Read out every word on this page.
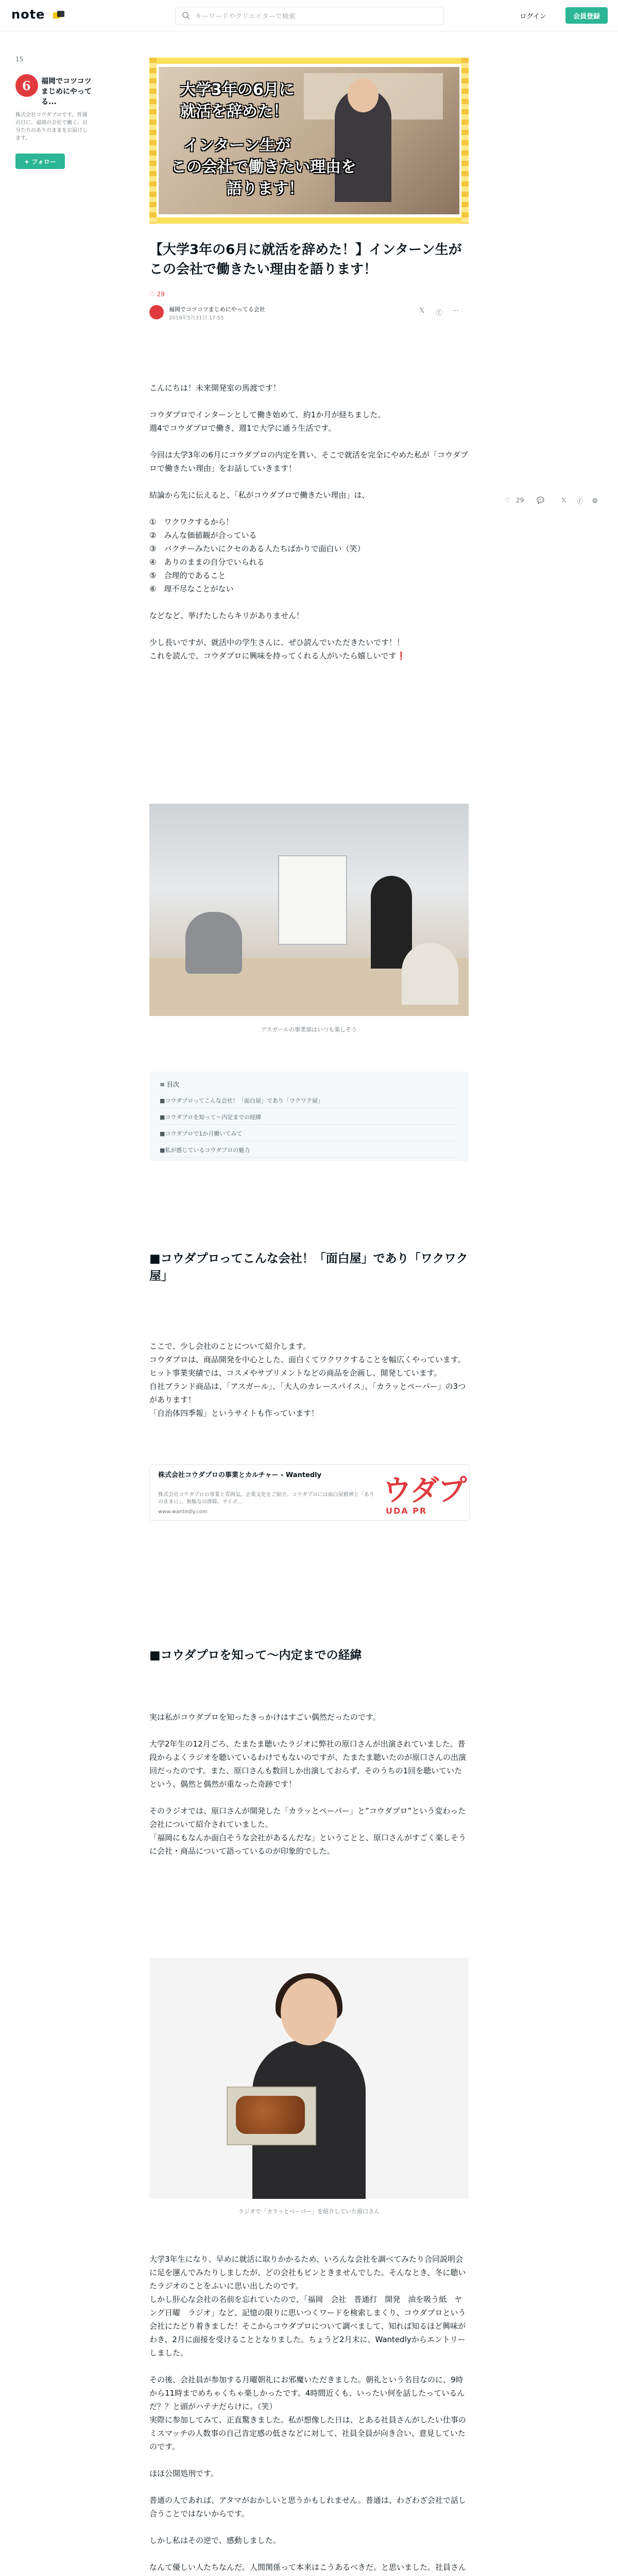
note
キーワードやクリエイターで検索	ログイン	会員登録
15
6 福岡でコツコツまじめにやってる...
株式会社コウダプロです。普通の日に、福岡の会社で働く、自分たちのありのままをお届けします。
+ フォロー
♡ 29 💬	𝕏 ⓕ ◍
大学3年の6月に
就活を辞めた！
インターン生が
この会社で働きたい理由を
語ります！
【大学3年の6月に就活を辞めた！】インターン生がこの会社で働きたい理由を語ります！
♡ 29
福岡でコツコツまじめにやってる会社
2019年5月31日 17:55
𝕏 ⓕ ⋯

こんにちは！未来開発室の馬渡です！

コウダプロでインターンとして働き始めて、約1か月が経ちました。

週4でコウダプロで働き、週1で大学に通う生活です。

今回は大学3年の6月にコウダプロの内定を貰い、そこで就活を完全にやめた私が「コウダプロで働きたい理由」をお話していきます！

結論から先に伝えると、「私がコウダプロで働きたい理由」は、

①　ワクワクするから！

②　みんな価値観が合っている

③　バクチーみたいにクセのある人たちばかりで面白い（笑）

④　ありのままの自分でいられる

⑤　合理的であること

⑥　理不尽なことがない

などなど、挙げたしたらキリがありません！

少し長いですが、就活中の学生さんに、ぜひ読んでいただきたいです！！

これを読んで、コウダプロに興味を持ってくれる人がいたら嬉しいです❗

アスガールの事業部はいつも楽しそう
≡ 目次
■コウダプロってこんな会社！「面白屋」であり「ワクワク屋」
■コウダプロを知って〜内定までの経緯
■コウダプロで1か月働いてみて
■私が感じているコウダプロの魅力
■コウダプロってこんな会社！「面白屋」であり「ワクワク屋」

ここで、少し会社のことについて紹介します。

コウダプロは、商品開発を中心とした、面白くてワクワクすることを幅広くやっています。

ヒット事業実績では、コスメやサプリメントなどの商品を企画し、開発しています。

自社ブランド商品は、「アスガール」、「大人のカレースパイス」、「カラッとペーパー」の3つがあります！

「自治体四季報」というサイトも作っています！

株式会社コウダプロの事業とカルチャー - Wantedly
株式会社コウダプロの事業と雰囲気。企業文化をご紹介。コウダプロには面白屋精神と「ありのままに」、無駄なの排除、サイボ...
www.wantedly.com
ウダプ
UDA PR
■コウダプロを知って〜内定までの経緯

実は私がコウダプロを知ったきっかけはすごい偶然だったのです。

大学2年生の12月ごろ、たまたま聴いたラジオに弊社の原口さんが出演されていました。普段からよくラジオを聴いているわけでもないのですが、たまたま聴いたのが原口さんの出演回だったのです。また、原口さんも数回しか出演しておらず、そのうちの1回を聴いていたという、偶然と偶然が重なった奇跡です！

そのラジオでは、原口さんが開発した「カラッとペーパー」と”コウダプロ”という変わった会社について紹介されていました。

「福岡にもなんか面白そうな会社があるんだな」ということと、原口さんがすごく楽しそうに会社・商品について語っているのが印象的でした。

ラジオで「カラッとペーパー」を紹介していた原口さん

大学3年生になり、早めに就活に取りかかるため、いろんな会社を調べてみたり合同説明会に足を運んでみたりしましたが、どの会社もピンときませんでした。そんなとき、冬に聴いたラジオのことをふいに思い出したのです。

しかし肝心な会社の名前を忘れていたので、「福岡　会社　普通打　開発　油を吸う紙　ヤング日曜　ラジオ」など、記憶の限りに思いつくワードを検索しまくり、コウダプロという会社にたどり着きました！そこからコウダプロについて調べまして、知れば知るほど興味がわき、2月に面接を受けることとなりました。ちょうど2月末に、Wantedlyからエントリーしました。

その後、会社員が参加する月曜朝礼にお邪魔いただきました。朝礼という名目なのに、9時から11時までめちゃくちゃ楽しかったです。4時間近くも、いったい何を話したっているんだ？？と頭がハテナだらけに。（笑）

実際に参加してみて、正直驚きました。私が想像した日は、とある社員さんがしたい仕事のミスマッチの人数事の自己肯定感の低さなどに対して、社員全員が向き合い、意見していたのです。

ほほ公開処刑です。

普通の人であれば、アタマがおかしいと思うかもしれません。普通は、わざわざ会社で話し合うことではないからです。

しかし私はその逆で、感動しました。

なんて優しい人たちなんだ。人間関係って本来はこうあるべきだ。と思いました。社員さん
